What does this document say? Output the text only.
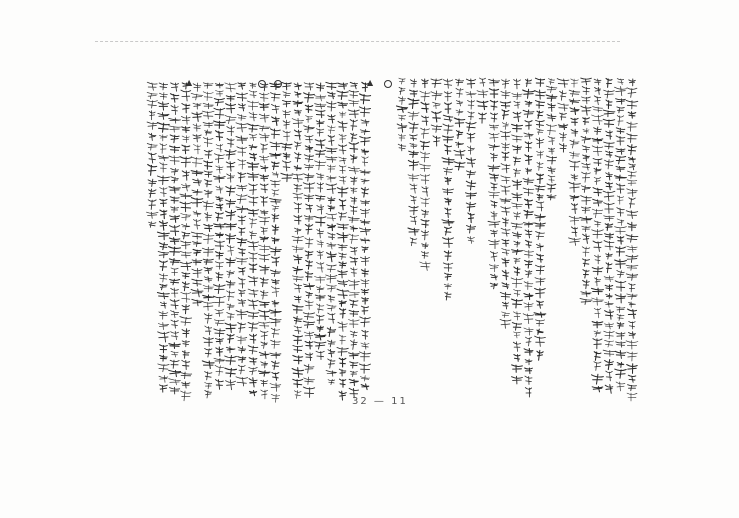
▲	▲
32 — 11
